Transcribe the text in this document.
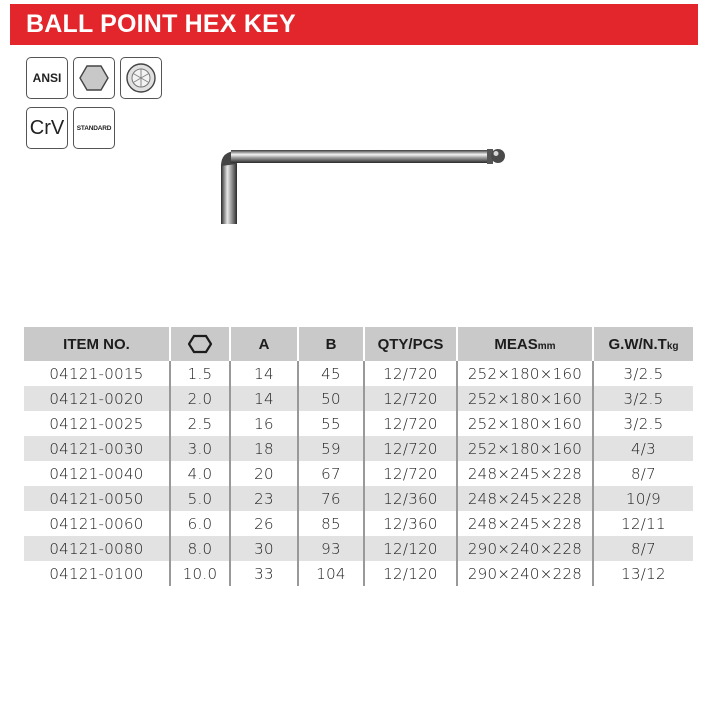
BALL POINT HEX KEY
ANSI
CrV STANDARD
ITEM NO.		A	B	QTY/PCS	MEASmm	G.W/N.Tkg
04121-0015	1.5	14	45	12/720	252×180×160	3/2.5
04121-0020	2.0	14	50	12/720	252×180×160	3/2.5
04121-0025	2.5	16	55	12/720	252×180×160	3/2.5
04121-0030	3.0	18	59	12/720	252×180×160	4/3
04121-0040	4.0	20	67	12/720	248×245×228	8/7
04121-0050	5.0	23	76	12/360	248×245×228	10/9
04121-0060	6.0	26	85	12/360	248×245×228	12/11
04121-0080	8.0	30	93	12/120	290×240×228	8/7
04121-0100	10.0	33	104	12/120	290×240×228	13/12
